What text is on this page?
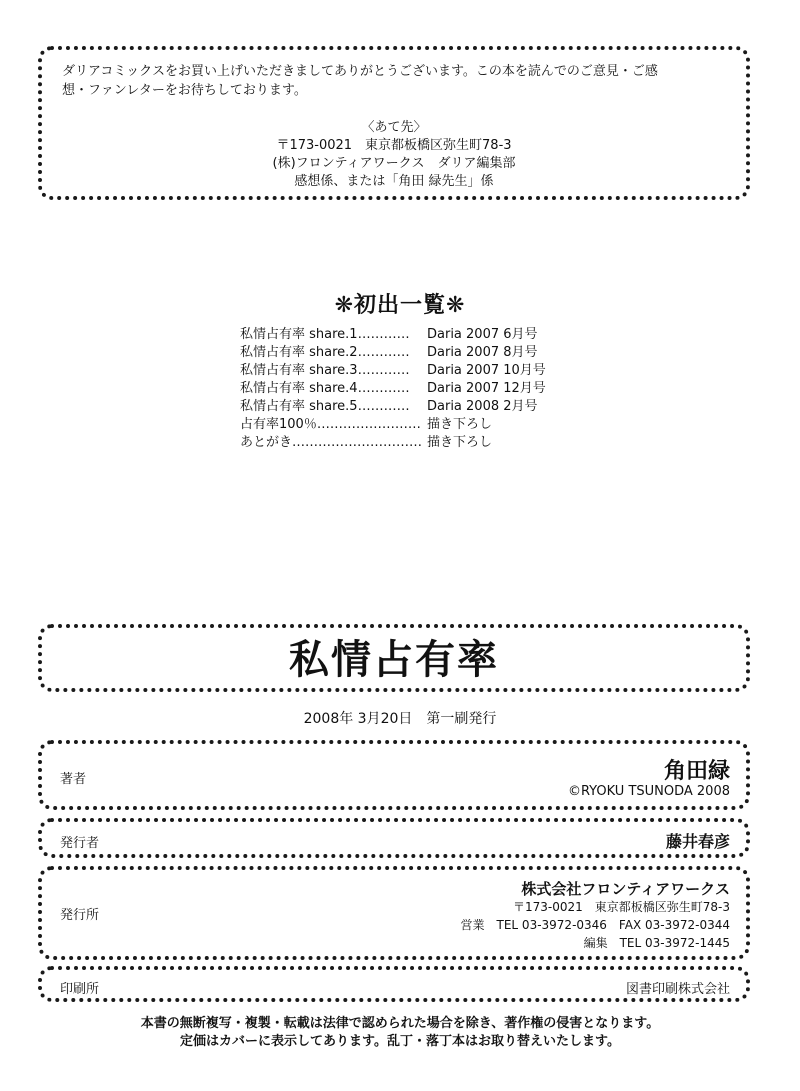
ダリアコミックスをお買い上げいただきましてありがとうございます。この本を読んでのご意見・ご感
想・ファンレターをお待ちしております。
〈あて先〉
〒173-0021　東京都板橋区弥生町78-3
(株)フロンティアワークス　ダリア編集部
感想係、または「角田 緑先生」係
❋初出一覧❋
私情占有率 share.1………… Daria 2007 6月号
私情占有率 share.2………… Daria 2007 8月号
私情占有率 share.3………… Daria 2007 10月号
私情占有率 share.4………… Daria 2007 12月号
私情占有率 share.5………… Daria 2008 2月号
占有率100％…………………… 描き下ろし
あとがき………………………… 描き下ろし
私情占有率
2008年 3月20日　第一刷発行
著者	角田緑
©RYOKU TSUNODA 2008
発行者	藤井春彦
発行所
株式会社フロンティアワークス
〒173-0021　東京都板橋区弥生町78-3
営業　TEL 03-3972-0346　FAX 03-3972-0344
編集　TEL 03-3972-1445
印刷所	図書印刷株式会社
本書の無断複写・複製・転載は法律で認められた場合を除き、著作権の侵害となります。
定価はカバーに表示してあります。乱丁・落丁本はお取り替えいたします。
